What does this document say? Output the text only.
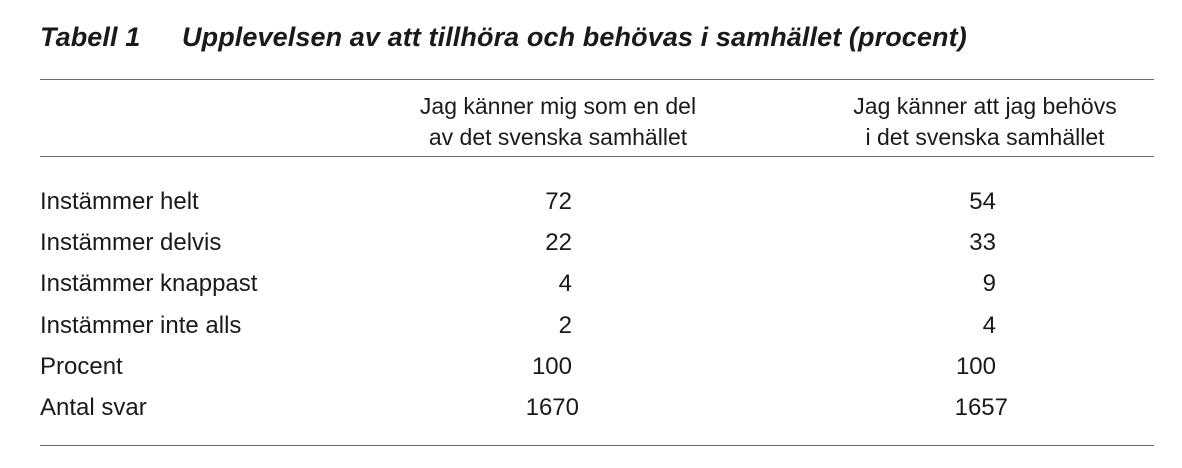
Tabell 1 Upplevelsen av att tillhöra och behövas i samhället (procent)
Jag känner mig som en del
av det svenska samhället
Jag känner att jag behövs
i det svenska samhället
Instämmer helt	72	54
Instämmer delvis	22	33
Instämmer knappast	4	9
Instämmer inte alls	2	4
Procent	100	100
Antal svar	1670	1657
